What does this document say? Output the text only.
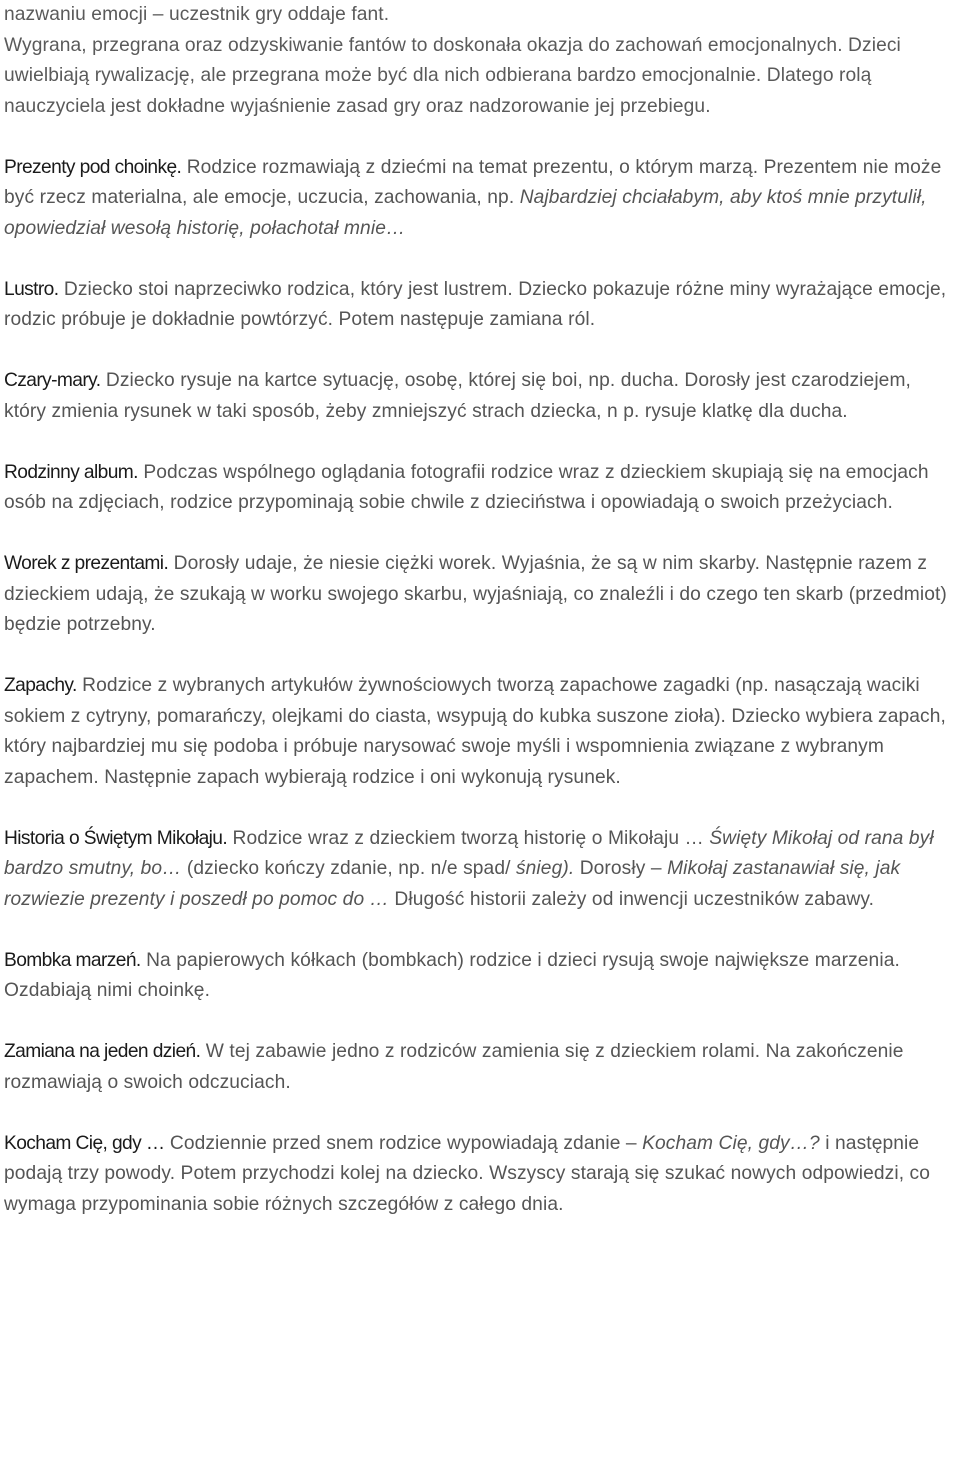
nazwaniu emocji – uczestnik gry oddaje fant.
Wygrana, przegrana oraz odzyskiwanie fantów to doskonała okazja do zachowań emocjonalnych. Dzieci uwielbiają rywalizację, ale przegrana może być dla nich odbierana bardzo emocjonalnie. Dlatego rolą nauczyciela jest dokładne wyjaśnienie zasad gry oraz nadzorowanie jej przebiegu.

Prezenty pod choinkę. Rodzice rozmawiają z dziećmi na temat prezentu, o którym marzą. Prezentem nie może być rzecz materialna, ale emocje, uczucia, zachowania, np. Najbardziej chciałabym, aby ktoś mnie przytulił, opowiedział wesołą historię, połachotał mnie…

Lustro. Dziecko stoi naprzeciwko rodzica, który jest lustrem. Dziecko pokazuje różne miny wyrażające emocje, rodzic próbuje je dokładnie powtórzyć. Potem następuje zamiana ról.

Czary-mary. Dziecko rysuje na kartce sytuację, osobę, której się boi, np. ducha. Dorosły jest czarodziejem, który zmienia rysunek w taki sposób, żeby zmniejszyć strach dziecka, n p. rysuje klatkę dla ducha.

Rodzinny album. Podczas wspólnego oglądania fotografii rodzice wraz z dzieckiem skupiają się na emocjach osób na zdjęciach, rodzice przypominają sobie chwile z dzieciństwa i opowiadają o swoich przeżyciach.

Worek z prezentami. Dorosły udaje, że niesie ciężki worek. Wyjaśnia, że są w nim skarby. Następnie razem z dzieckiem udają, że szukają w worku swojego skarbu, wyjaśniają, co znaleźli i do czego ten skarb (przedmiot) będzie potrzebny.

Zapachy. Rodzice z wybranych artykułów żywnościowych tworzą zapachowe zagadki (np. nasączają waciki sokiem z cytryny, pomarańczy, olejkami do ciasta, wsypują do kubka suszone zioła). Dziecko wybiera zapach, który najbardziej mu się podoba i próbuje narysować swoje myśli i wspomnienia związane z wybranym zapachem. Następnie zapach wybierają rodzice i oni wykonują rysunek.

Historia o Świętym Mikołaju. Rodzice wraz z dzieckiem tworzą historię o Mikołaju … Święty Mikołaj od rana był bardzo smutny, bo… (dziecko kończy zdanie, np. n/e spad/ śnieg). Dorosły – Mikołaj zastanawiał się, jak rozwiezie prezenty i poszedł po pomoc do … Długość historii zależy od inwencji uczestników zabawy.

Bombka marzeń. Na papierowych kółkach (bombkach) rodzice i dzieci rysują swoje największe marzenia. Ozdabiają nimi choinkę.

Zamiana na jeden dzień. W tej zabawie jedno z rodziców zamienia się z dzieckiem rolami. Na zakończenie rozmawiają o swoich odczuciach.

Kocham Cię, gdy … Codziennie przed snem rodzice wypowiadają zdanie – Kocham Cię, gdy…? i następnie podają trzy powody. Potem przychodzi kolej na dziecko. Wszyscy starają się szukać nowych odpowiedzi, co wymaga przypominania sobie różnych szczegółów z całego dnia.
